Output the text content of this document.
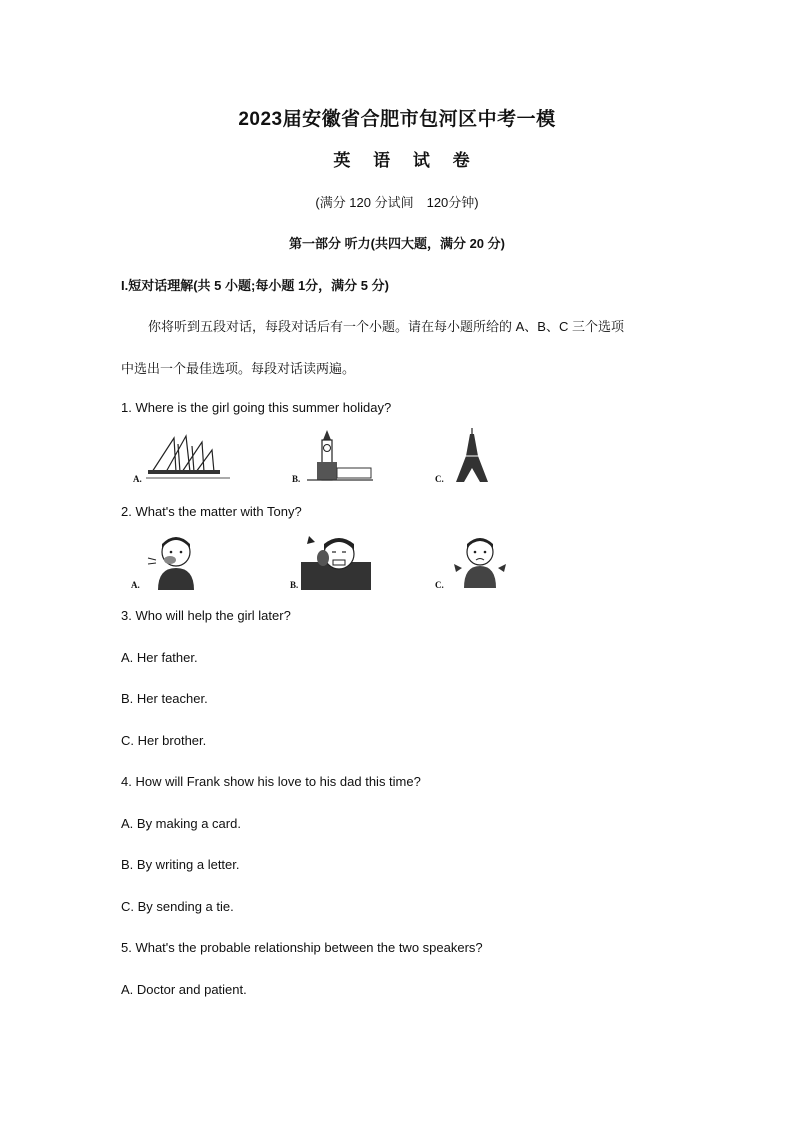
2023届安徽省合肥市包河区中考一模
英 语 试 卷
(满分 120 分试间　120分钟)
第一部分 听力(共四大题，满分 20 分)
I.短对话理解(共 5 小题;每小题 1分，满分 5 分)
你将听到五段对话，每段对话后有一个小题。请在每小题所给的 A、B、C 三个选项
中选出一个最佳选项。每段对话读两遍。
1. Where is the girl going this summer holiday?
A.	B.	C.
2. What's the matter with Tony?
A.	B.	C.
3. Who will help the girl later?
A. Her father.
B. Her teacher.
C. Her brother.
4. How will Frank show his love to his dad this time?
A. By making a card.
B. By writing a letter.
C. By sending a tie.
5. What's the probable relationship between the two speakers?
A. Doctor and patient.
